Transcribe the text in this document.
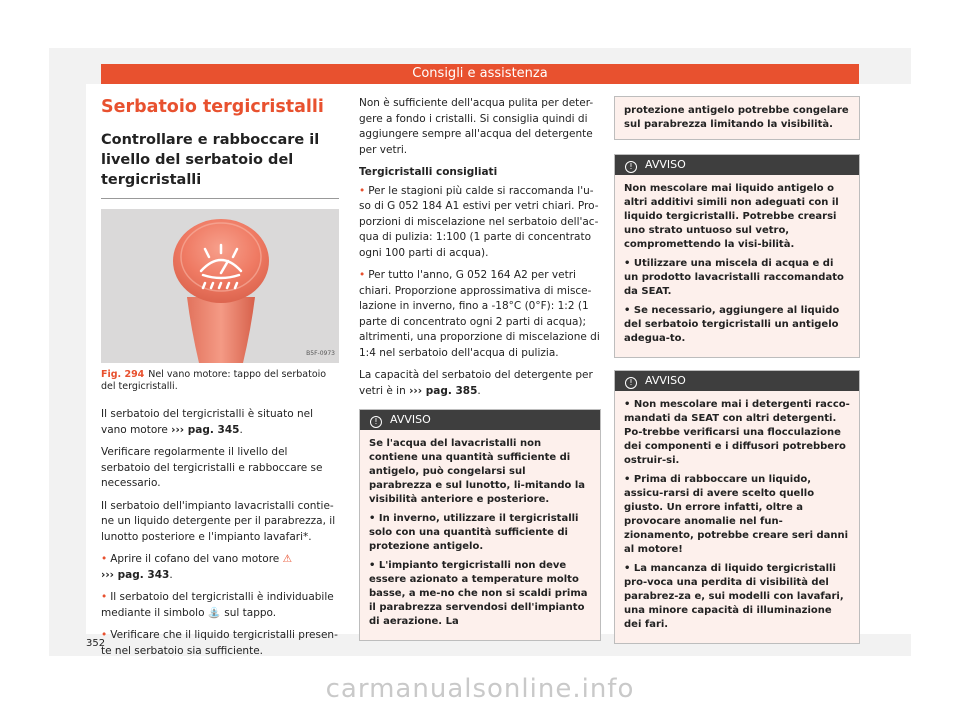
Consigli e assistenza
Serbatoio tergicristalli
Controllare e rabboccare il livello del serbatoio del tergicristalli
B5F-0973
Fig. 294 Nel vano motore: tappo del serbatoio del tergicristalli.

Il serbatoio del tergicristalli è situato nel vano motore ››› pag. 345.

Verificare regolarmente il livello del serbatoio del tergicristalli e rabboccare se necessario.

Il serbatoio dell'impianto lavacristalli contie-ne un liquido detergente per il parabrezza, il lunotto posteriore e l'impianto lavafari*.

• Aprire il cofano del vano motore ⚠
››› pag. 343.

• Il serbatoio del tergicristalli è individuabile mediante il simbolo ⛲ sul tappo.

• Verificare che il liquido tergicristalli presen-te nel serbatoio sia sufficiente.

Non è sufficiente dell'acqua pulita per deter-gere a fondo i cristalli. Si consiglia quindi di aggiungere sempre all'acqua del detergente per vetri.

Tergicristalli consigliati

• Per le stagioni più calde si raccomanda l'u-so di G 052 184 A1 estivi per vetri chiari. Pro-porzioni di miscelazione nel serbatoio dell'ac-qua di pulizia: 1:100 (1 parte di concentrato ogni 100 parti di acqua).

• Per tutto l'anno, G 052 164 A2 per vetri chiari. Proporzione approssimativa di misce-lazione in inverno, fino a -18°C (0°F): 1:2 (1 parte di concentrato ogni 2 parti di acqua); altrimenti, una proporzione di miscelazione di 1:4 nel serbatoio dell'acqua di pulizia.

La capacità del serbatoio del detergente per vetri è in ››› pag. 385.

! AVVISO

Se l'acqua del lavacristalli non contiene una quantità sufficiente di antigelo, può congelarsi sul parabrezza e sul lunotto, li-mitando la visibilità anteriore e posteriore.

• In inverno, utilizzare il tergicristalli solo con una quantità sufficiente di protezione antigelo.

• L'impianto tergicristalli non deve essere azionato a temperature molto basse, a me-no che non si scaldi prima il parabrezza servendosi dell'impianto di aerazione. La

protezione antigelo potrebbe congelare sul parabrezza limitando la visibilità.
! AVVISO

Non mescolare mai liquido antigelo o altri additivi simili non adeguati con il liquido tergicristalli. Potrebbe crearsi uno strato untuoso sul vetro, compromettendo la visi-bilità.

• Utilizzare una miscela di acqua e di un prodotto lavacristalli raccomandato da SEAT.

• Se necessario, aggiungere al liquido del serbatoio tergicristalli un antigelo adegua-to.

! AVVISO

• Non mescolare mai i detergenti racco-mandati da SEAT con altri detergenti. Po-trebbe verificarsi una flocculazione dei componenti e i diffusori potrebbero ostruir-si.

• Prima di rabboccare un liquido, assicu-rarsi di avere scelto quello giusto. Un errore infatti, oltre a provocare anomalie nel fun-zionamento, potrebbe creare seri danni al motore!

• La mancanza di liquido tergicristalli pro-voca una perdita di visibilità del parabrez-za e, sui modelli con lavafari, una minore capacità di illuminazione dei fari.

352
carmanualsonline.info
